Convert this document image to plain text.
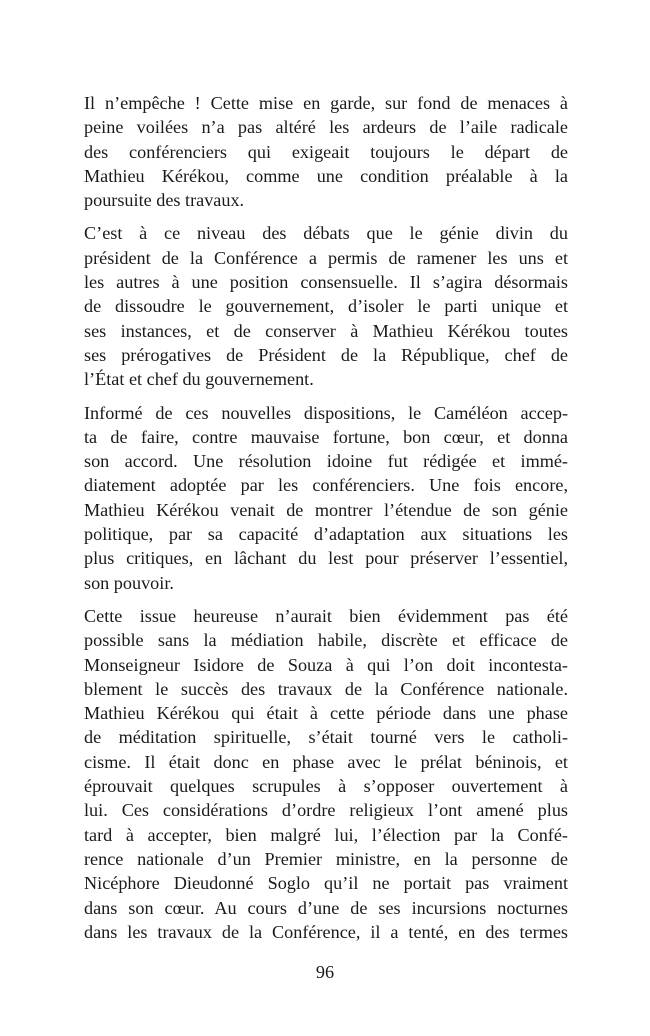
Il n’empêche ! Cette mise en garde, sur fond de menaces à
peine voilées n’a pas altéré les ardeurs de l’aile radicale
des conférenciers qui exigeait toujours le départ de
Mathieu Kérékou, comme une condition préalable à la
poursuite des travaux.

C’est à ce niveau des débats que le génie divin du
président de la Conférence a permis de ramener les uns et
les autres à une position consensuelle. Il s’agira désormais
de dissoudre le gouvernement, d’isoler le parti unique et
ses instances, et de conserver à Mathieu Kérékou toutes
ses prérogatives de Président de la République, chef de
l’État et chef du gouvernement.

Informé de ces nouvelles dispositions, le Caméléon accep-
ta de faire, contre mauvaise fortune, bon cœur, et donna
son accord. Une résolution idoine fut rédigée et immé-
diatement adoptée par les conférenciers. Une fois encore,
Mathieu Kérékou venait de montrer l’étendue de son génie
politique, par sa capacité d’adaptation aux situations les
plus critiques, en lâchant du lest pour préserver l’essentiel,
son pouvoir.

Cette issue heureuse n’aurait bien évidemment pas été
possible sans la médiation habile, discrète et efficace de
Monseigneur Isidore de Souza à qui l’on doit incontesta-
blement le succès des travaux de la Conférence nationale.
Mathieu Kérékou qui était à cette période dans une phase
de méditation spirituelle, s’était tourné vers le catholi-
cisme. Il était donc en phase avec le prélat béninois, et
éprouvait quelques scrupules à s’opposer ouvertement à
lui. Ces considérations d’ordre religieux l’ont amené plus
tard à accepter, bien malgré lui, l’élection par la Confé-
rence nationale d’un Premier ministre, en la personne de
Nicéphore Dieudonné Soglo qu’il ne portait pas vraiment
dans son cœur. Au cours d’une de ses incursions nocturnes
dans les travaux de la Conférence, il a tenté, en des termes

96
